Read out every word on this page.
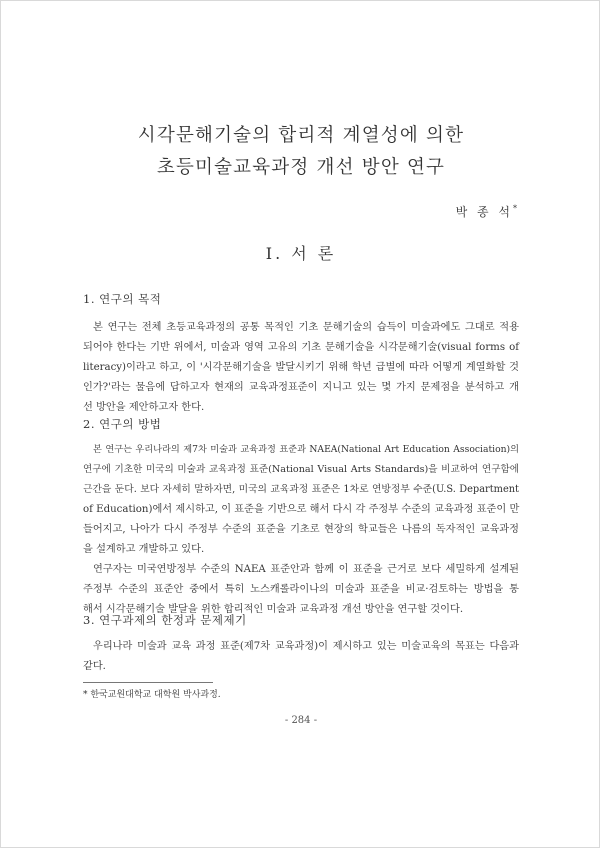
시각문해기술의 합리적 계열성에 의한
초등미술교육과정 개선 방안 연구
박 종 석*
Ⅰ. 서 론
1. 연구의 목적
본 연구는 전체 초등교육과정의 공통 목적인 기초 문해기술의 습득이 미술과에도 그대로 적용
되어야 한다는 기반 위에서, 미술과 영역 고유의 기초 문해기술을 시각문해기술(visual forms of
literacy)이라고 하고, 이 '시각문해기술을 발달시키기 위해 학년 급별에 따라 어떻게 계열화할 것
인가?'라는 물음에 답하고자 현재의 교육과정표준이 지니고 있는 몇 가지 문제점을 분석하고 개
선 방안을 제안하고자 한다.
2. 연구의 방법
본 연구는 우리나라의 제7차 미술과 교육과정 표준과 NAEA(National Art Education Association)의
연구에 기초한 미국의 미술과 교육과정 표준(National Visual Arts Standards)을 비교하여 연구함에
근간을 둔다. 보다 자세히 말하자면, 미국의 교육과정 표준은 1차로 연방정부 수준(U.S. Department
of Education)에서 제시하고, 이 표준을 기반으로 해서 다시 각 주정부 수준의 교육과정 표준이 만
들어지고, 나아가 다시 주정부 수준의 표준을 기초로 현장의 학교들은 나름의 독자적인 교육과정
을 설계하고 개발하고 있다.
연구자는 미국연방정부 수준의 NAEA 표준안과 함께 이 표준을 근거로 보다 세밀하게 설계된
주정부 수준의 표준안 중에서 특히 노스캐롤라이나의 미술과 표준을 비교·검토하는 방법을 통
해서 시각문해기술 발달을 위한 합리적인 미술과 교육과정 개선 방안을 연구할 것이다.
3. 연구과제의 한정과 문제제기
우리나라 미술과 교육 과정 표준(제7차 교육과정)이 제시하고 있는 미술교육의 목표는 다음과
같다.
* 한국교원대학교 대학원 박사과정.
- 284 -
